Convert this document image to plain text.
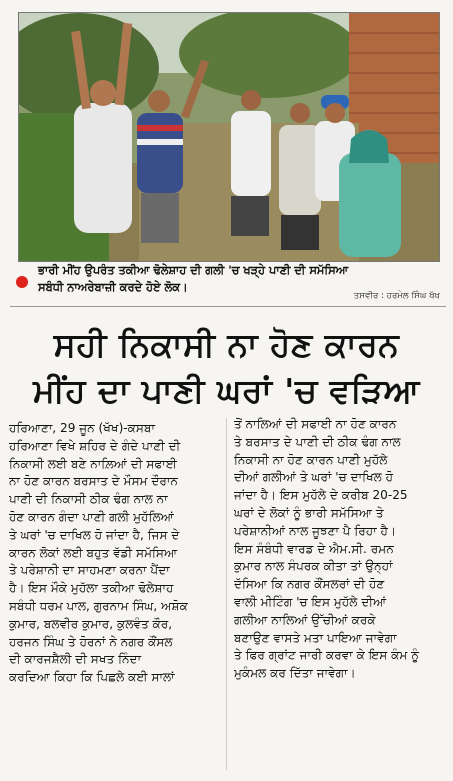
ਭਾਰੀ ਮੀਂਹ ਉਪਰੰਤ ਤਕੀਆ ਢੋਲੇਸ਼ਾਹ ਦੀ ਗਲੀ 'ਚ ਖੜ੍ਹੇ ਪਾਣੀ ਦੀ ਸਮੱਸਿਆ
ਸਬੰਧੀ ਨਾਅਰੇਬਾਜ਼ੀ ਕਰਦੇ ਹੋਏ ਲੋਕ।
ਤਸਵੀਰ : ਹਰਮੇਲ ਸਿੰਘ ਖੱਖ
ਸਹੀ ਨਿਕਾਸੀ ਨਾ ਹੋਣ ਕਾਰਨ
ਮੀਂਹ ਦਾ ਪਾਣੀ ਘਰਾਂ 'ਚ ਵੜਿਆ

ਹਰਿਆਣਾ, 29 ਜੂਨ (ਖੱਖ)-ਕਸਬਾ

ਹਰਿਆਣਾ ਵਿਖੇ ਸ਼ਹਿਰ ਦੇ ਗੰਦੇ ਪਾਣੀ ਦੀ

ਨਿਕਾਸੀ ਲਈ ਬਣੇ ਨਾਲ਼ਿਆਂ ਦੀ ਸਫਾਈ

ਨਾ ਹੋਣ ਕਾਰਨ ਬਰਸਾਤ ਦੇ ਮੌਸਮ ਦੌਰਾਨ

ਪਾਣੀ ਦੀ ਨਿਕਾਸੀ ਠੀਕ ਢੰਗ ਨਾਲ ਨਾ

ਹੋਣ ਕਾਰਨ ਗੰਦਾ ਪਾਣੀ ਗਲੀ ਮੁਹੱਲਿਆਂ

ਤੇ ਘਰਾਂ 'ਚ ਦਾਖਿਲ ਹੋ ਜਾਂਦਾ ਹੈ, ਜਿਸ ਦੇ

ਕਾਰਨ ਲੋਕਾਂ ਲਈ ਬਹੁਤ ਵੱਡੀ ਸਮੱਸਿਆ

ਤੇ ਪਰੇਸ਼ਾਨੀ ਦਾ ਸਾਹਮਣਾ ਕਰਨਾ ਪੈਂਦਾ

ਹੈ। ਇਸ ਮੌਕੇ ਮੁਹੱਲਾ ਤਕੀਆ ਢੋਲੇਸ਼ਾਹ

ਸਬੰਧੀ ਧਰਮ ਪਾਲ, ਗੁਰਨਾਮ ਸਿੰਘ, ਅਸ਼ੋਕ

ਕੁਮਾਰ, ਬਲਵੀਰ ਕੁਮਾਰ, ਕੁਲਵੰਤ ਕੌਰ,

ਹਰਜਨ ਸਿੰਘ ਤੇ ਹੋਰਨਾਂ ਨੇ ਨਗਰ ਕੌਂਸਲ

ਦੀ ਕਾਰਜਸ਼ੈਲੀ ਦੀ ਸਖਤ ਨਿੰਦਾ

ਕਰਦਿਆ ਕਿਹਾ ਕਿ ਪਿਛਲੇ ਕਈ ਸਾਲਾਂ

ਤੋਂ ਨਾਲਿਆਂ ਦੀ ਸਫਾਈ ਨਾ ਹੋਣ ਕਾਰਨ

ਤੇ ਬਰਸਾਤ ਦੇ ਪਾਣੀ ਦੀ ਠੀਕ ਢੰਗ ਨਾਲ

ਨਿਕਾਸੀ ਨਾ ਹੋਣ ਕਾਰਨ ਪਾਣੀ ਮੁਹੱਲੇ

ਦੀਆਂ ਗਲੀਆਂ ਤੇ ਘਰਾਂ 'ਚ ਦਾਖਿਲ ਹੋ

ਜਾਂਦਾ ਹੈ। ਇਸ ਮੁਹੱਲੇ ਦੇ ਕਰੀਬ 20-25

ਘਰਾਂ ਦੇ ਲੋਕਾਂ ਨੂੰ ਭਾਰੀ ਸਮੱਸਿਆ ਤੇ

ਪਰੇਸ਼ਾਨੀਆਂ ਨਾਲ ਜੂਝਣਾ ਪੈ ਰਿਹਾ ਹੈ।

ਇਸ ਸੰਬੰਧੀ ਵਾਰਡ ਦੇ ਐਮ.ਸੀ. ਰਮਨ

ਕੁਮਾਰ ਨਾਲ ਸੰਪਰਕ ਕੀਤਾ ਤਾਂ ਉਨ੍ਹਾਂ

ਦੱਸਿਆ ਕਿ ਨਗਰ ਕੌਂਸਲਰਾਂ ਦੀ ਹੋਣ

ਵਾਲੀ ਮੀਟਿੰਗ 'ਚ ਇਸ ਮੁਹੱਲੇ ਦੀਆਂ

ਗਲੀਆ ਨਾਲਿਆਂ ਉੱਚੀਆਂ ਕਰਕੇ

ਬਣਾਉਣ ਵਾਸਤੇ ਮਤਾ ਪਾਇਆ ਜਾਵੇਗਾ

ਤੇ ਫਿਰ ਗ੍ਰਾਂਟ ਜਾਰੀ ਕਰਵਾ ਕੇ ਇਸ ਕੰਮ ਨੂੰ

ਮੁਕੰਮਲ ਕਰ ਦਿੱਤਾ ਜਾਵੇਗਾ।
